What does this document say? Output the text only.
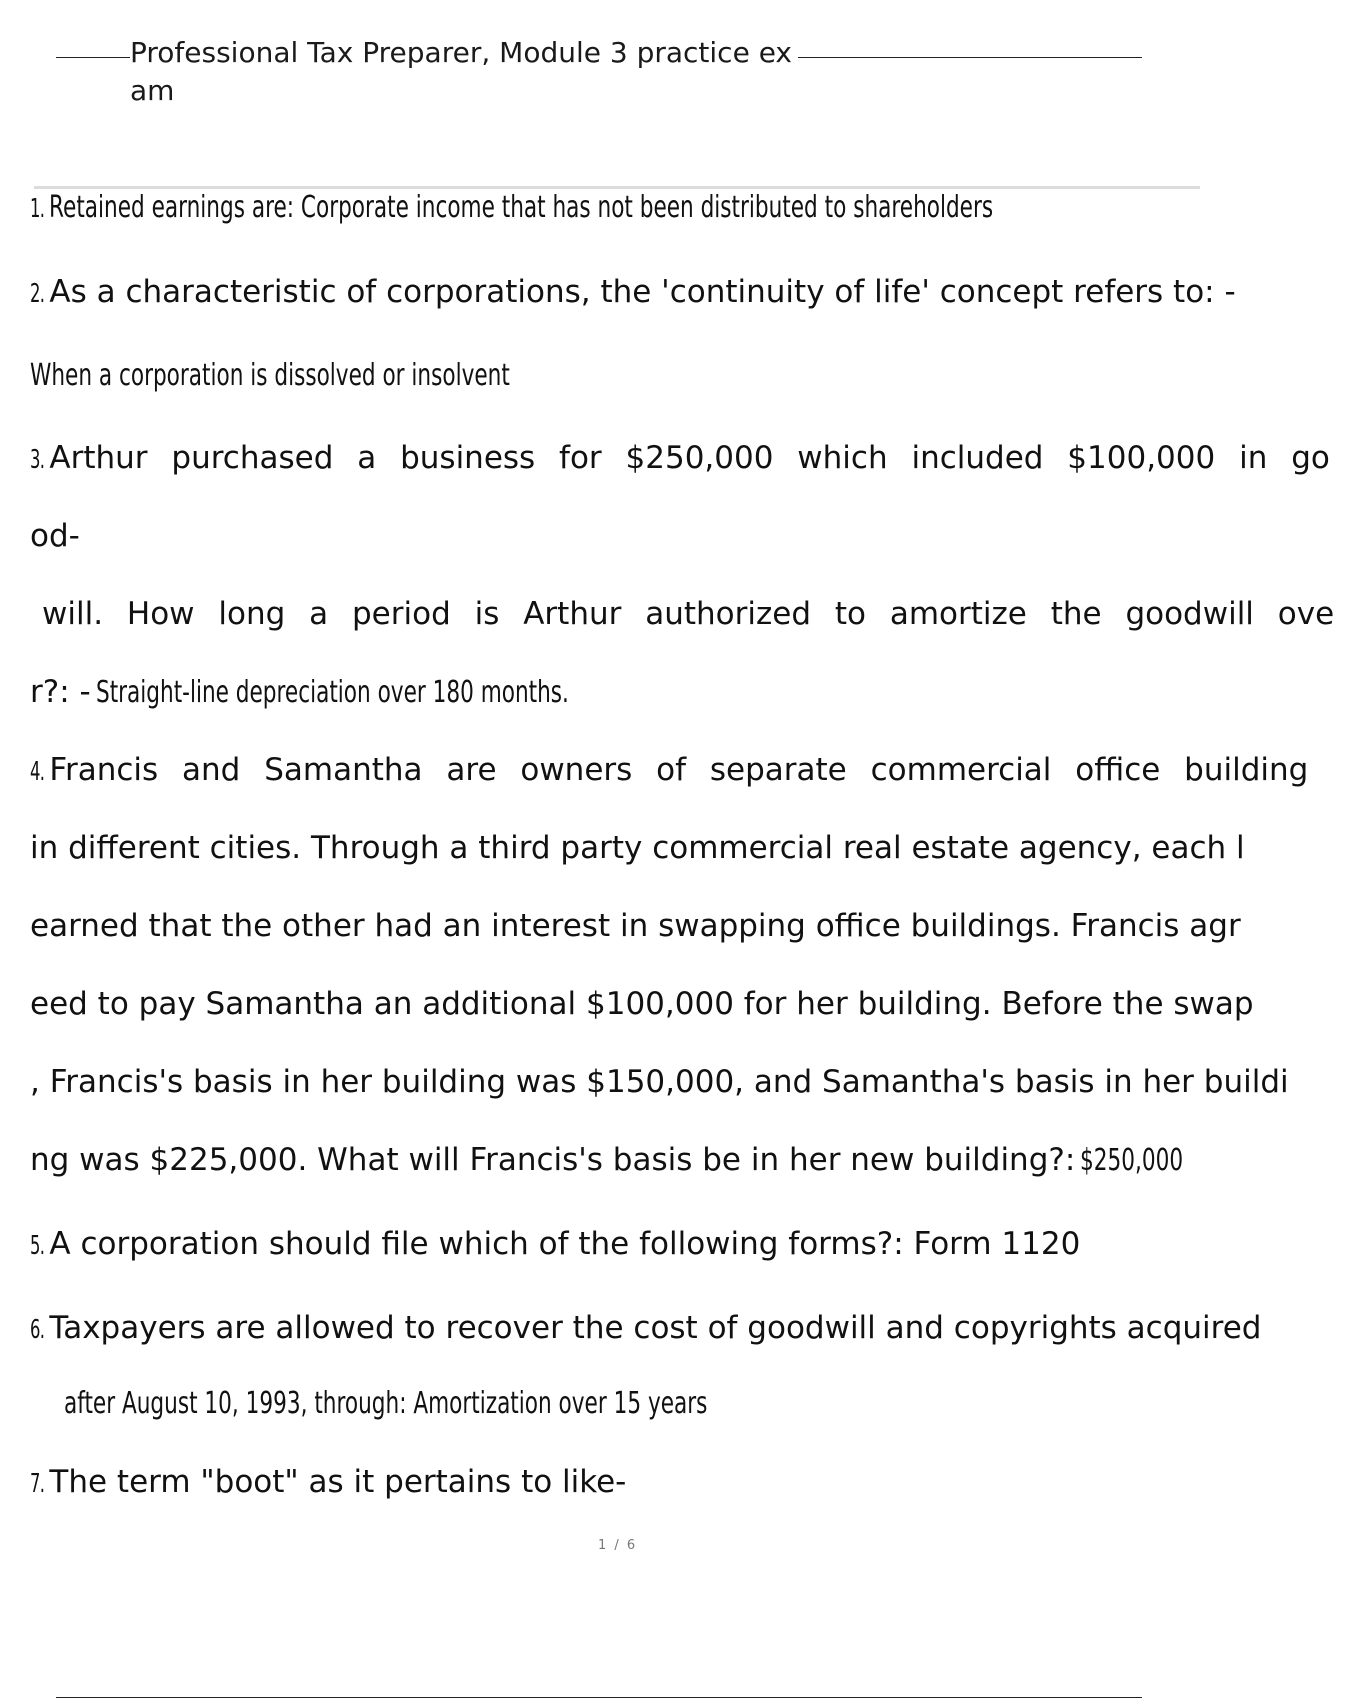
Professional Tax Preparer, Module 3 practice ex
am
1. Retained earnings are: Corporate income that has not been distributed to shareholders
2. As a characteristic of corporations, the 'continuity of life' concept refers to: -
When a corporation is dissolved or insolvent
3. Arthur purchased a business for $250,000 which included $100,000 in go
od-
will. How long a period is Arthur authorized to amortize the goodwill ove
r?: - Straight-line depreciation over 180 months.
4. Francis and Samantha are owners of separate commercial office building
in different cities. Through a third party commercial real estate agency, each l
earned that the other had an interest in swapping office buildings. Francis agr
eed to pay Samantha an additional $100,000 for her building. Before the swap
, Francis's basis in her building was $150,000, and Samantha's basis in her buildi
ng was $225,000. What will Francis's basis be in her new building?: $250,000
5. A corporation should file which of the following forms?: Form 1120
6. Taxpayers are allowed to recover the cost of goodwill and copyrights acquired
after August 10, 1993, through: Amortization over 15 years
7. The term "boot" as it pertains to like-
1 / 6
